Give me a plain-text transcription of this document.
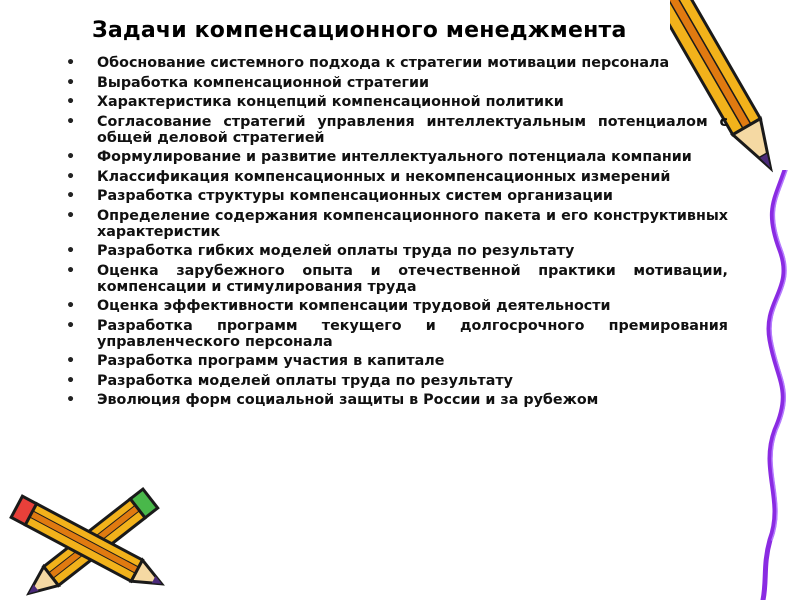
Задачи компенсационного менеджмента
• Обоснование системного подхода к стратегии мотивации персонала
• Выработка компенсационной стратегии
• Характеристика концепций компенсационной политики
• Согласование стратегий управления интеллектуальным потенциалом с общей деловой стратегией
• Формулирование и развитие интеллектуального потенциала компании
• Классификация компенсационных и некомпенсационных измерений
• Разработка структуры компенсационных систем организации
• Определение содержания компенсационного пакета и его конструктивных характеристик
• Разработка гибких моделей оплаты труда по результату
• Оценка зарубежного опыта и отечественной практики мотивации, компенсации и стимулирования труда
• Оценка эффективности компенсации трудовой деятельности
• Разработка программ текущего и долгосрочного премирования управленческого персонала
• Разработка программ участия в капитале
• Разработка моделей оплаты труда по результату
• Эволюция форм социальной защиты в России и за рубежом
